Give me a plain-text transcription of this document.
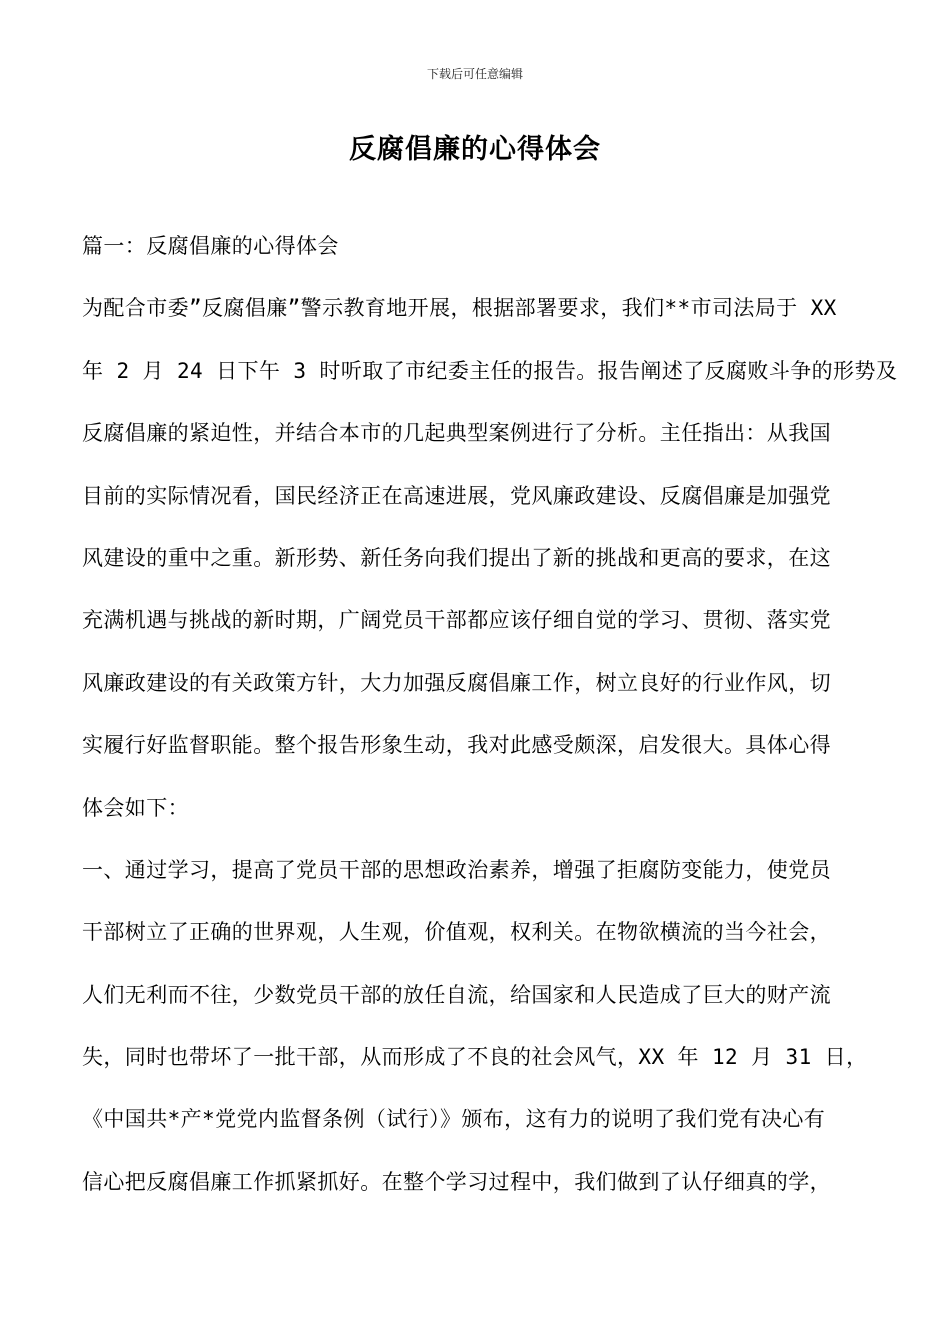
下载后可任意编辑
反腐倡廉的心得体会
篇一：反腐倡廉的心得体会
为配合市委”反腐倡廉”警示教育地开展，根据部署要求，我们**市司法局于 XX
年 2 月 24 日下午 3 时听取了市纪委主任的报告。报告阐述了反腐败斗争的形势及
反腐倡廉的紧迫性，并结合本市的几起典型案例进行了分析。主任指出：从我国
目前的实际情况看，国民经济正在高速进展，党风廉政建设、反腐倡廉是加强党
风建设的重中之重。新形势、新任务向我们提出了新的挑战和更高的要求，在这
充满机遇与挑战的新时期，广阔党员干部都应该仔细自觉的学习、贯彻、落实党
风廉政建设的有关政策方针，大力加强反腐倡廉工作，树立良好的行业作风，切
实履行好监督职能。整个报告形象生动，我对此感受颇深，启发很大。具体心得
体会如下：
一、通过学习，提高了党员干部的思想政治素养，增强了拒腐防变能力，使党员
干部树立了正确的世界观，人生观，价值观，权利关。在物欲横流的当今社会，
人们无利而不往，少数党员干部的放任自流，给国家和人民造成了巨大的财产流
失，同时也带坏了一批干部，从而形成了不良的社会风气，XX 年 12 月 31 日，
《中国共*产*党党内监督条例（试行）》颁布，这有力的说明了我们党有决心有
信心把反腐倡廉工作抓紧抓好。在整个学习过程中，我们做到了认仔细真的学，
